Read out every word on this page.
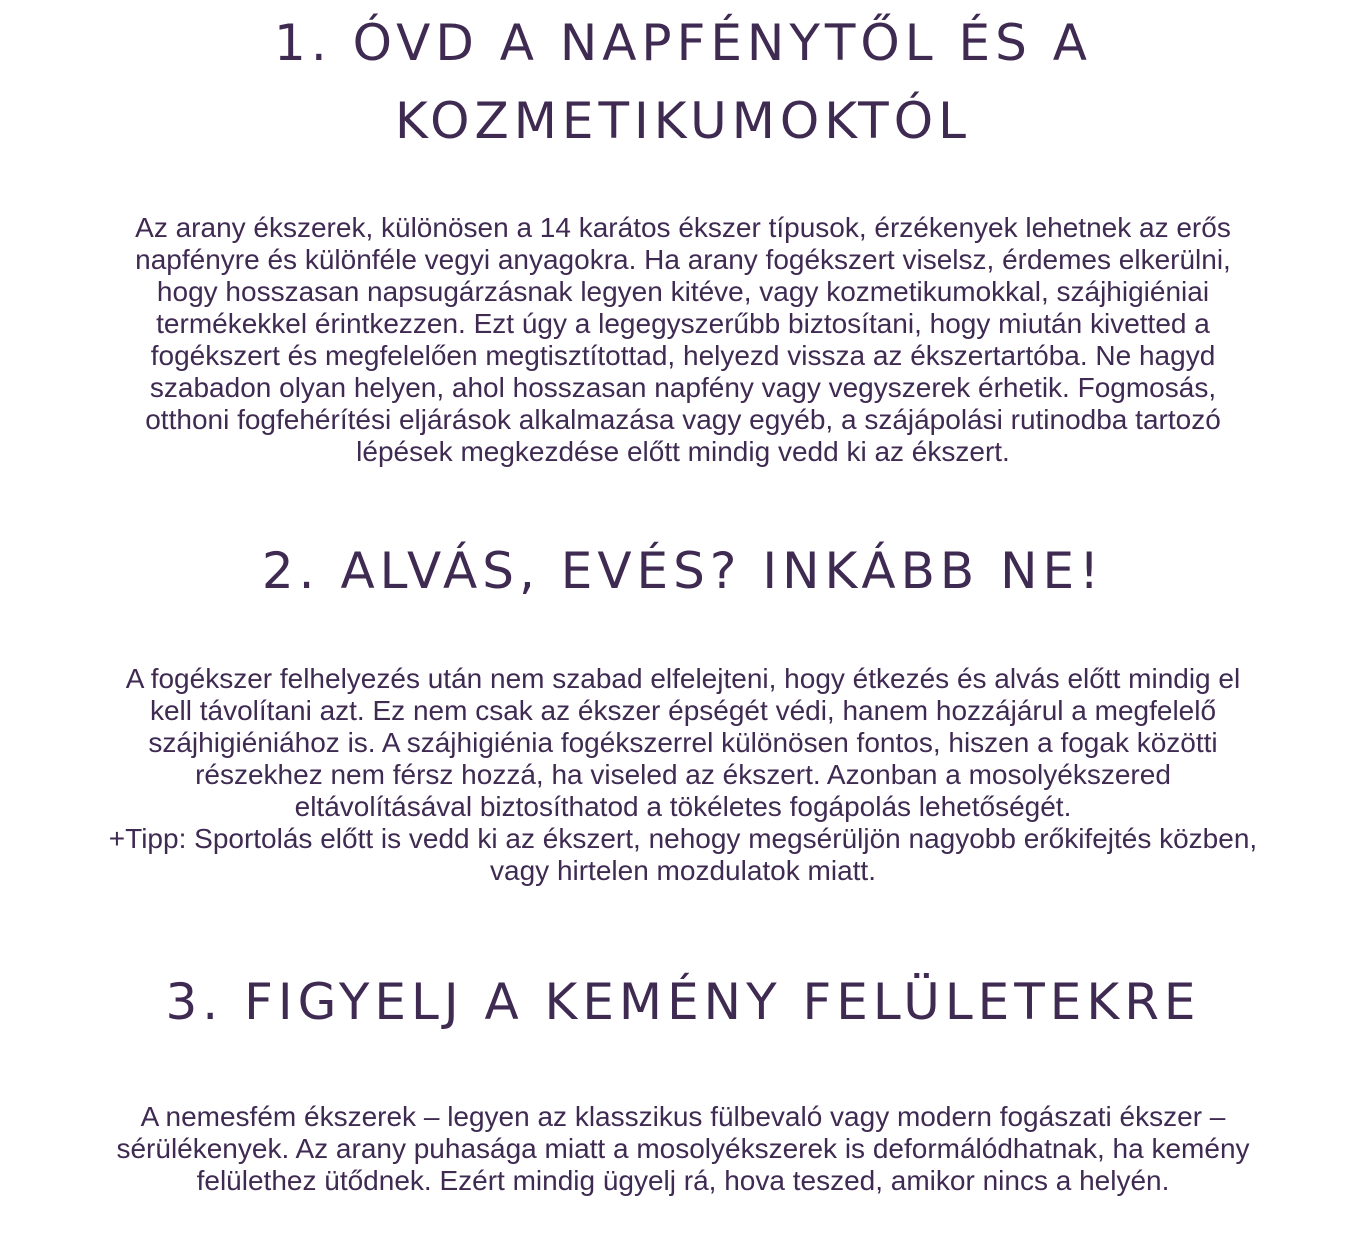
1. ÓVD A NAPFÉNYTŐL ÉS A KOZMETIKUMOKTÓL

Az arany ékszerek, különösen a 14 karátos ékszer típusok, érzékenyek lehetnek az erős napfényre és különféle vegyi anyagokra. Ha arany fogékszert viselsz, érdemes elkerülni, hogy hosszasan napsugárzásnak legyen kitéve, vagy kozmetikumokkal, szájhigiéniai termékekkel érintkezzen. Ezt úgy a legegyszerűbb biztosítani, hogy miután kivetted a fogékszert és megfelelően megtisztítottad, helyezd vissza az ékszertartóba. Ne hagyd szabadon olyan helyen, ahol hosszasan napfény vagy vegyszerek érhetik. Fogmosás, otthoni fogfehérítési eljárások alkalmazása vagy egyéb, a szájápolási rutinodba tartozó lépések megkezdése előtt mindig vedd ki az ékszert.

2. ALVÁS, EVÉS? INKÁBB NE!

A fogékszer felhelyezés után nem szabad elfelejteni, hogy étkezés és alvás előtt mindig el kell távolítani azt. Ez nem csak az ékszer épségét védi, hanem hozzájárul a megfelelő szájhigiéniához is. A szájhigiénia fogékszerrel különösen fontos, hiszen a fogak közötti részekhez nem férsz hozzá, ha viseled az ékszert. Azonban a mosolyékszered eltávolításával biztosíthatod a tökéletes fogápolás lehetőségét.

+Tipp: Sportolás előtt is vedd ki az ékszert, nehogy megsérüljön nagyobb erőkifejtés közben, vagy hirtelen mozdulatok miatt.

3. FIGYELJ A KEMÉNY FELÜLETEKRE

A nemesfém ékszerek – legyen az klasszikus fülbevaló vagy modern fogászati ékszer – sérülékenyek. Az arany puhasága miatt a mosolyékszerek is deformálódhatnak, ha kemény felülethez ütődnek. Ezért mindig ügyelj rá, hova teszed, amikor nincs a helyén.
